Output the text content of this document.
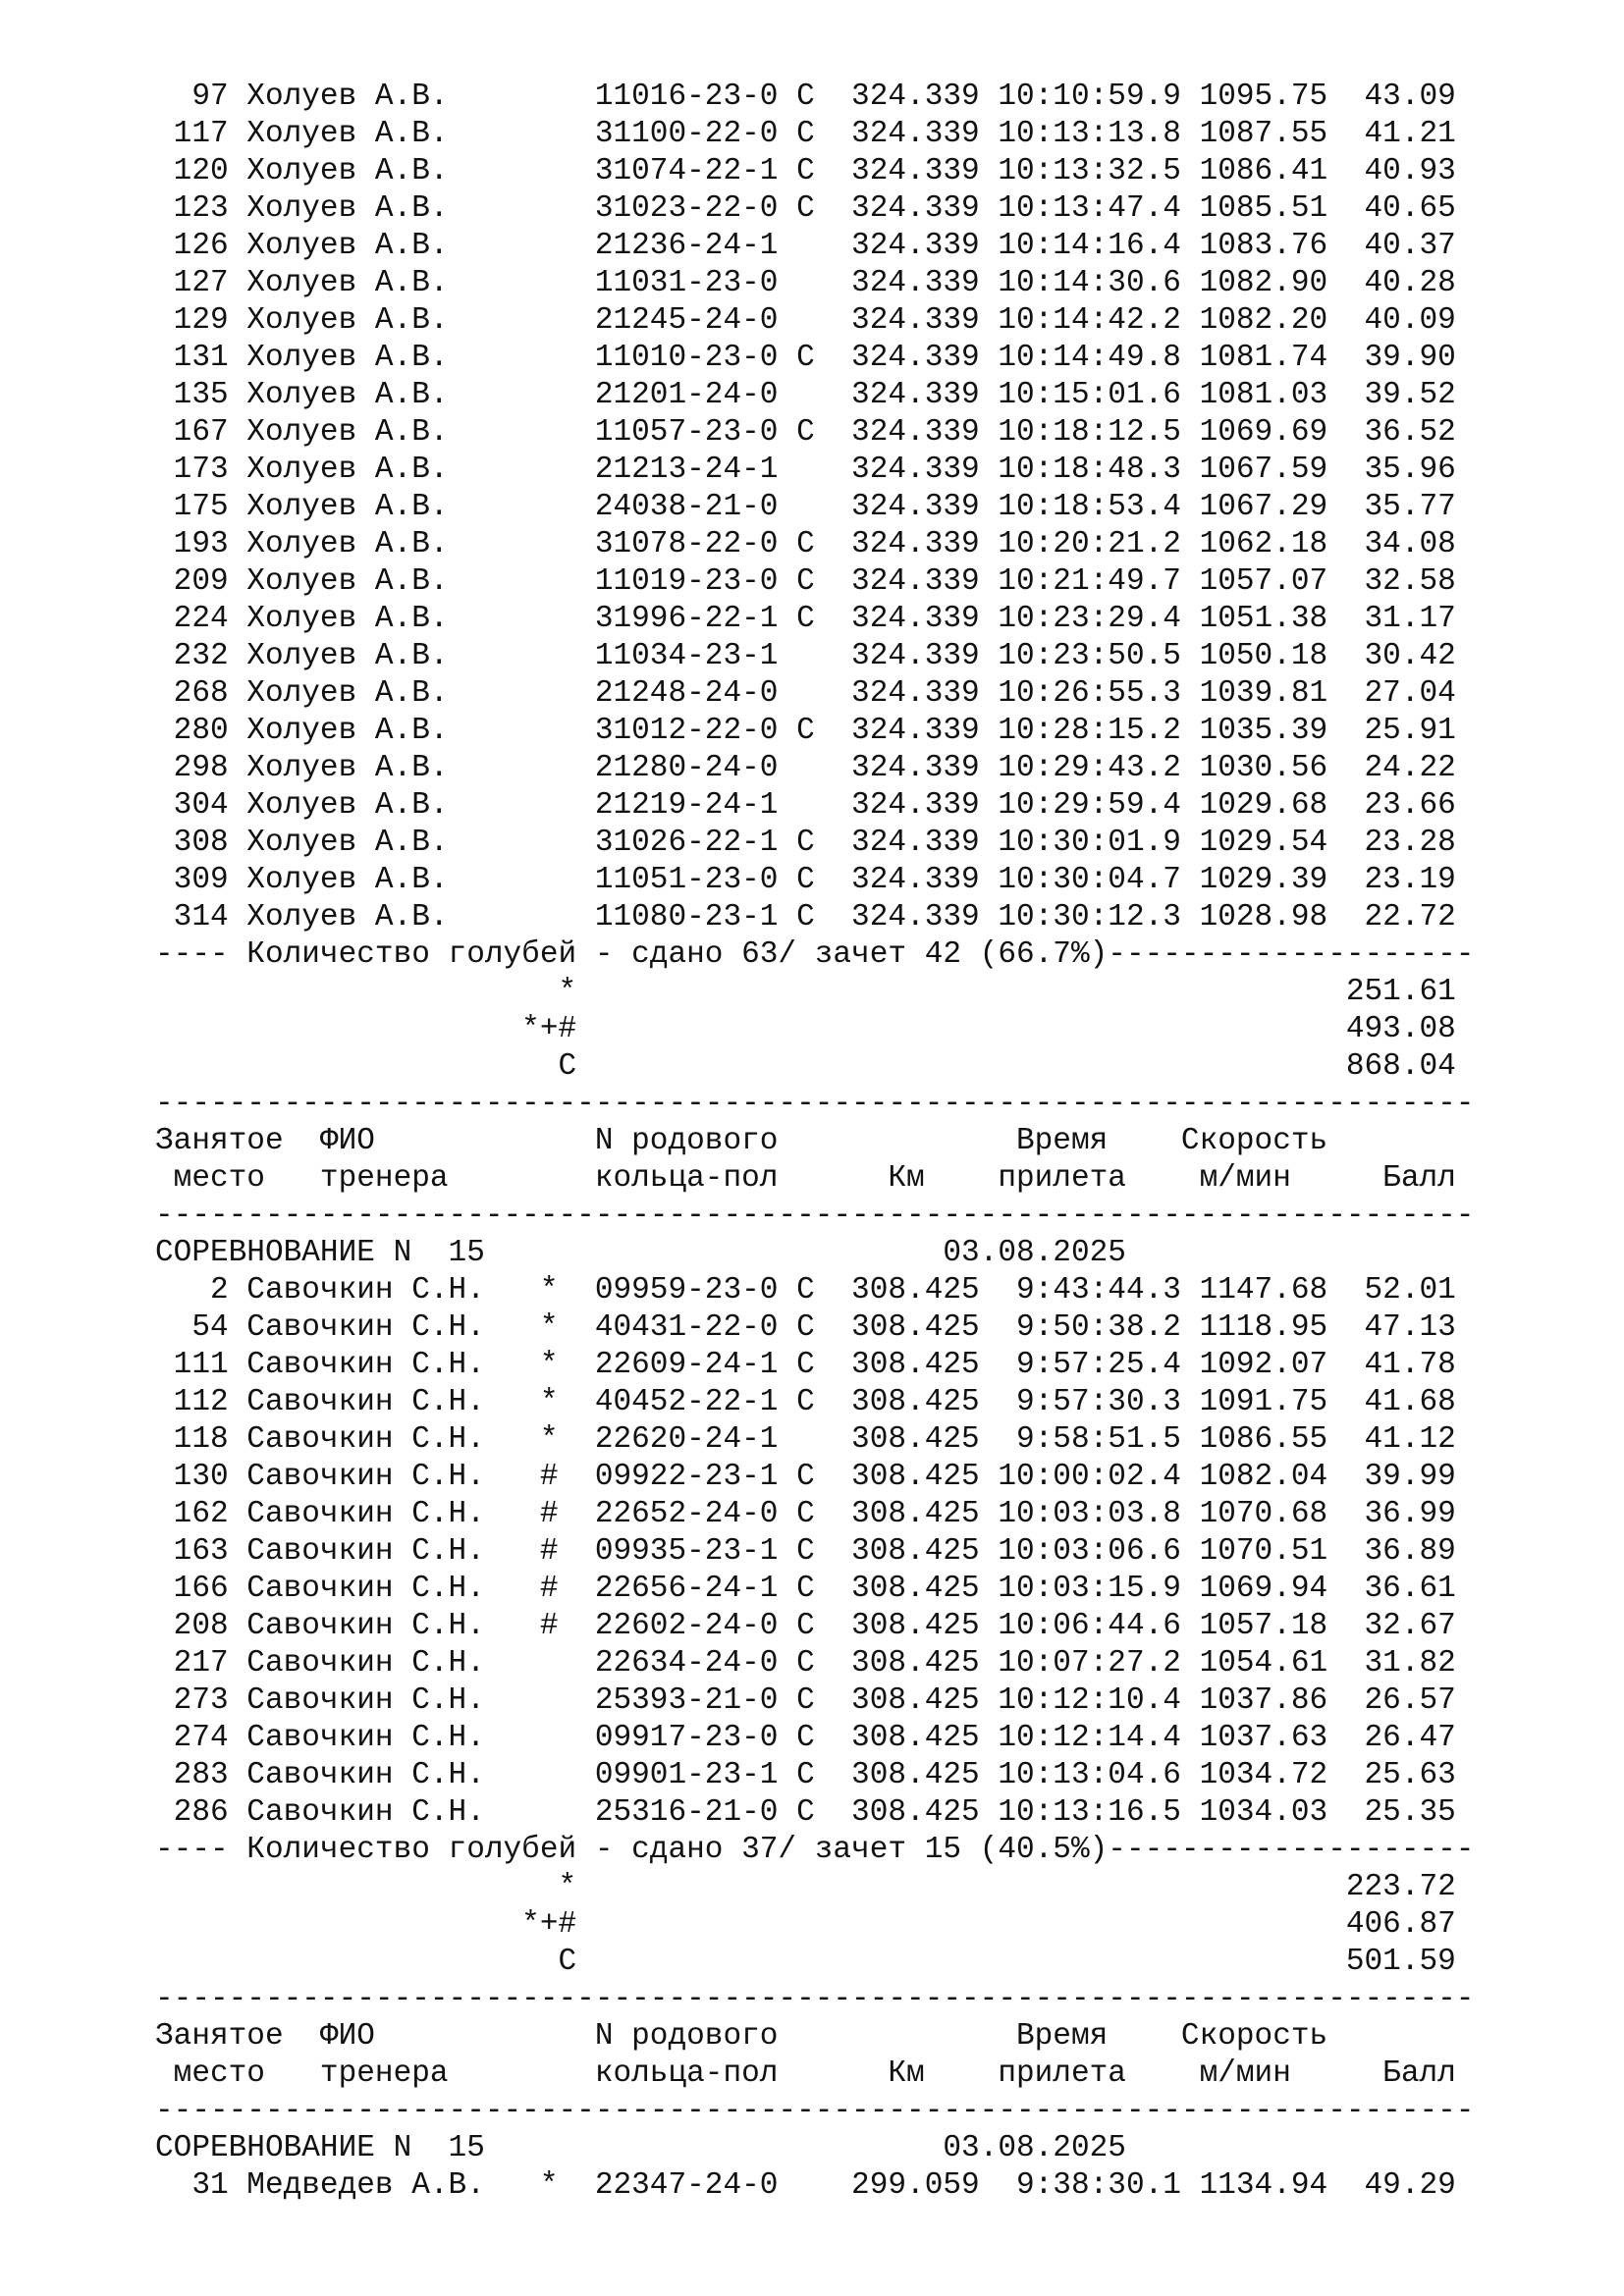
97 Холуев А.В.        11016-23-0 C  324.339 10:10:59.9 1095.75  43.09
117 Холуев А.В.        31100-22-0 C  324.339 10:13:13.8 1087.55  41.21
120 Холуев А.В.        31074-22-1 C  324.339 10:13:32.5 1086.41  40.93
123 Холуев А.В.        31023-22-0 C  324.339 10:13:47.4 1085.51  40.65
126 Холуев А.В.        21236-24-1    324.339 10:14:16.4 1083.76  40.37
127 Холуев А.В.        11031-23-0    324.339 10:14:30.6 1082.90  40.28
129 Холуев А.В.        21245-24-0    324.339 10:14:42.2 1082.20  40.09
131 Холуев А.В.        11010-23-0 C  324.339 10:14:49.8 1081.74  39.90
135 Холуев А.В.        21201-24-0    324.339 10:15:01.6 1081.03  39.52
167 Холуев А.В.        11057-23-0 C  324.339 10:18:12.5 1069.69  36.52
173 Холуев А.В.        21213-24-1    324.339 10:18:48.3 1067.59  35.96
175 Холуев А.В.        24038-21-0    324.339 10:18:53.4 1067.29  35.77
193 Холуев А.В.        31078-22-0 C  324.339 10:20:21.2 1062.18  34.08
209 Холуев А.В.        11019-23-0 C  324.339 10:21:49.7 1057.07  32.58
224 Холуев А.В.        31996-22-1 C  324.339 10:23:29.4 1051.38  31.17
232 Холуев А.В.        11034-23-1    324.339 10:23:50.5 1050.18  30.42
268 Холуев А.В.        21248-24-0    324.339 10:26:55.3 1039.81  27.04
280 Холуев А.В.        31012-22-0 C  324.339 10:28:15.2 1035.39  25.91
298 Холуев А.В.        21280-24-0    324.339 10:29:43.2 1030.56  24.22
304 Холуев А.В.        21219-24-1    324.339 10:29:59.4 1029.68  23.66
308 Холуев А.В.        31026-22-1 C  324.339 10:30:01.9 1029.54  23.28
309 Холуев А.В.        11051-23-0 C  324.339 10:30:04.7 1029.39  23.19
314 Холуев А.В.        11080-23-1 C  324.339 10:30:12.3 1028.98  22.72
---- Количество голубей - сдано 63/ зачет 42 (66.7%)--------------------
*                                          251.61
*+#                                          493.08
C                                          868.04
------------------------------------------------------------------------
Занятое  ФИО            N родового             Время    Скорость
место   тренера        кольца-пол      Км    прилета    м/мин     Балл
------------------------------------------------------------------------
СОРЕВНОВАНИЕ N  15                         03.08.2025
2 Савочкин С.Н.   *  09959-23-0 C  308.425  9:43:44.3 1147.68  52.01
54 Савочкин С.Н.   *  40431-22-0 C  308.425  9:50:38.2 1118.95  47.13
111 Савочкин С.Н.   *  22609-24-1 C  308.425  9:57:25.4 1092.07  41.78
112 Савочкин С.Н.   *  40452-22-1 C  308.425  9:57:30.3 1091.75  41.68
118 Савочкин С.Н.   *  22620-24-1    308.425  9:58:51.5 1086.55  41.12
130 Савочкин С.Н.   #  09922-23-1 C  308.425 10:00:02.4 1082.04  39.99
162 Савочкин С.Н.   #  22652-24-0 C  308.425 10:03:03.8 1070.68  36.99
163 Савочкин С.Н.   #  09935-23-1 C  308.425 10:03:06.6 1070.51  36.89
166 Савочкин С.Н.   #  22656-24-1 C  308.425 10:03:15.9 1069.94  36.61
208 Савочкин С.Н.   #  22602-24-0 C  308.425 10:06:44.6 1057.18  32.67
217 Савочкин С.Н.      22634-24-0 C  308.425 10:07:27.2 1054.61  31.82
273 Савочкин С.Н.      25393-21-0 C  308.425 10:12:10.4 1037.86  26.57
274 Савочкин С.Н.      09917-23-0 C  308.425 10:12:14.4 1037.63  26.47
283 Савочкин С.Н.      09901-23-1 C  308.425 10:13:04.6 1034.72  25.63
286 Савочкин С.Н.      25316-21-0 C  308.425 10:13:16.5 1034.03  25.35
---- Количество голубей - сдано 37/ зачет 15 (40.5%)--------------------
*                                          223.72
*+#                                          406.87
C                                          501.59
------------------------------------------------------------------------
Занятое  ФИО            N родового             Время    Скорость
место   тренера        кольца-пол      Км    прилета    м/мин     Балл
------------------------------------------------------------------------
СОРЕВНОВАНИЕ N  15                         03.08.2025
31 Медведев А.В.   *  22347-24-0    299.059  9:38:30.1 1134.94  49.29
